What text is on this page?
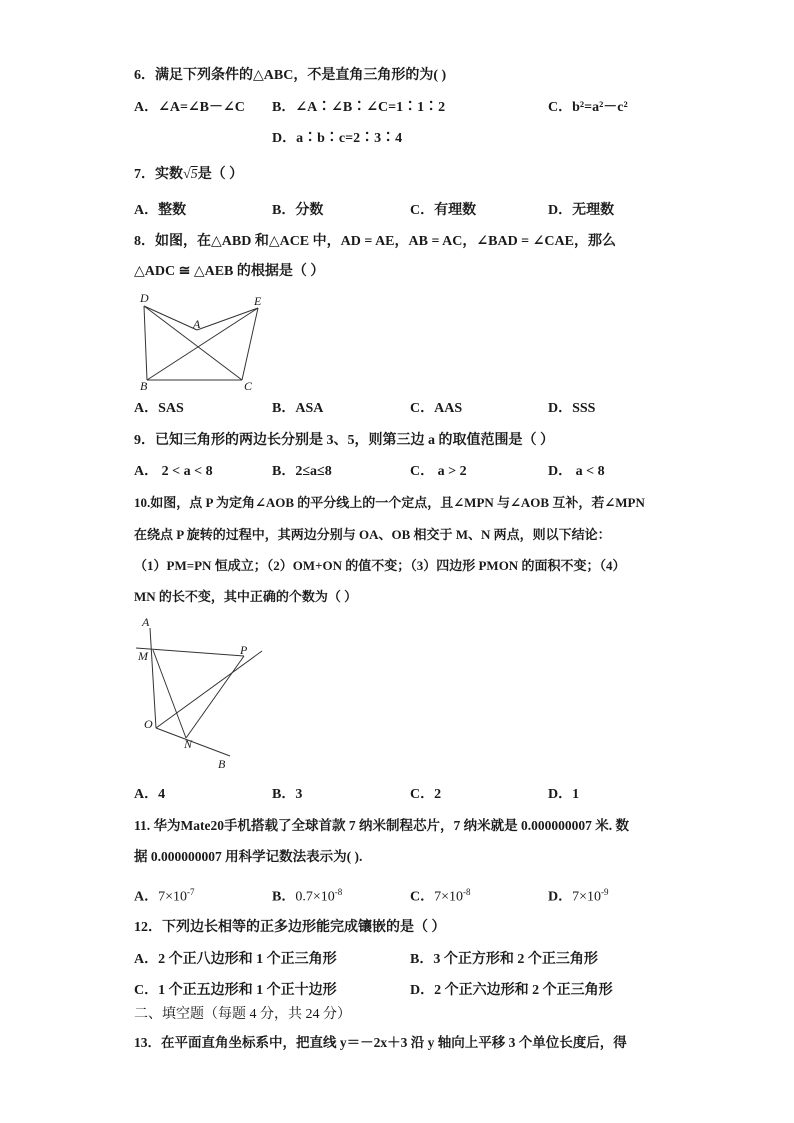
6．满足下列条件的△ABC，不是直角三角形的为( )
A．∠A=∠B－∠C B．∠A∶∠B∶∠C=1∶1∶2	C．b²=a²－c²
D．a∶b∶c=2∶3∶4
7．实数√5是（ ）
A．整数	B．分数	C．有理数	D．无理数
8．如图，在△ABD 和△ACE 中，AD = AE，AB = AC，∠BAD = ∠CAE，那么
△ADC ≅ △AEB 的根据是（ ）
D	E
A
B	C
A．SAS	B．ASA	C．AAS	D．SSS
9．已知三角形的两边长分别是 3、5，则第三边 a 的取值范围是（ ）
A． 2 < a < 8	B．2≤a≤8	C． a > 2	D． a < 8
10.如图，点 P 为定角∠AOB 的平分线上的一个定点，且∠MPN 与∠AOB 互补，若∠MPN
在绕点 P 旋转的过程中，其两边分别与 OA、OB 相交于 M、N 两点，则以下结论：
（1）PM=PN 恒成立；（2）OM+ON 的值不变；（3）四边形 PMON 的面积不变；（4）
MN 的长不变，其中正确的个数为（ ）
A
M	P
O
N
B
A．4	B．3	C．2	D．1
11. 华为Mate20手机搭载了全球首款 7 纳米制程芯片，7 纳米就是 0.000000007 米. 数
据 0.000000007 用科学记数法表示为( ).
A．$7\times 10^{-7}$	B．$0.7\times 10^{-8}$	C．$7\times 10^{-8}$	D．$7\times 10^{-9}$
12．下列边长相等的正多边形能完成镶嵌的是（ ）
A．2 个正八边形和 1 个正三角形	B．3 个正方形和 2 个正三角形
C．1 个正五边形和 1 个正十边形	D．2 个正六边形和 2 个正三角形
二、填空题（每题 4 分，共 24 分）
13．在平面直角坐标系中，把直线 y＝－2x＋3 沿 y 轴向上平移 3 个单位长度后，得
